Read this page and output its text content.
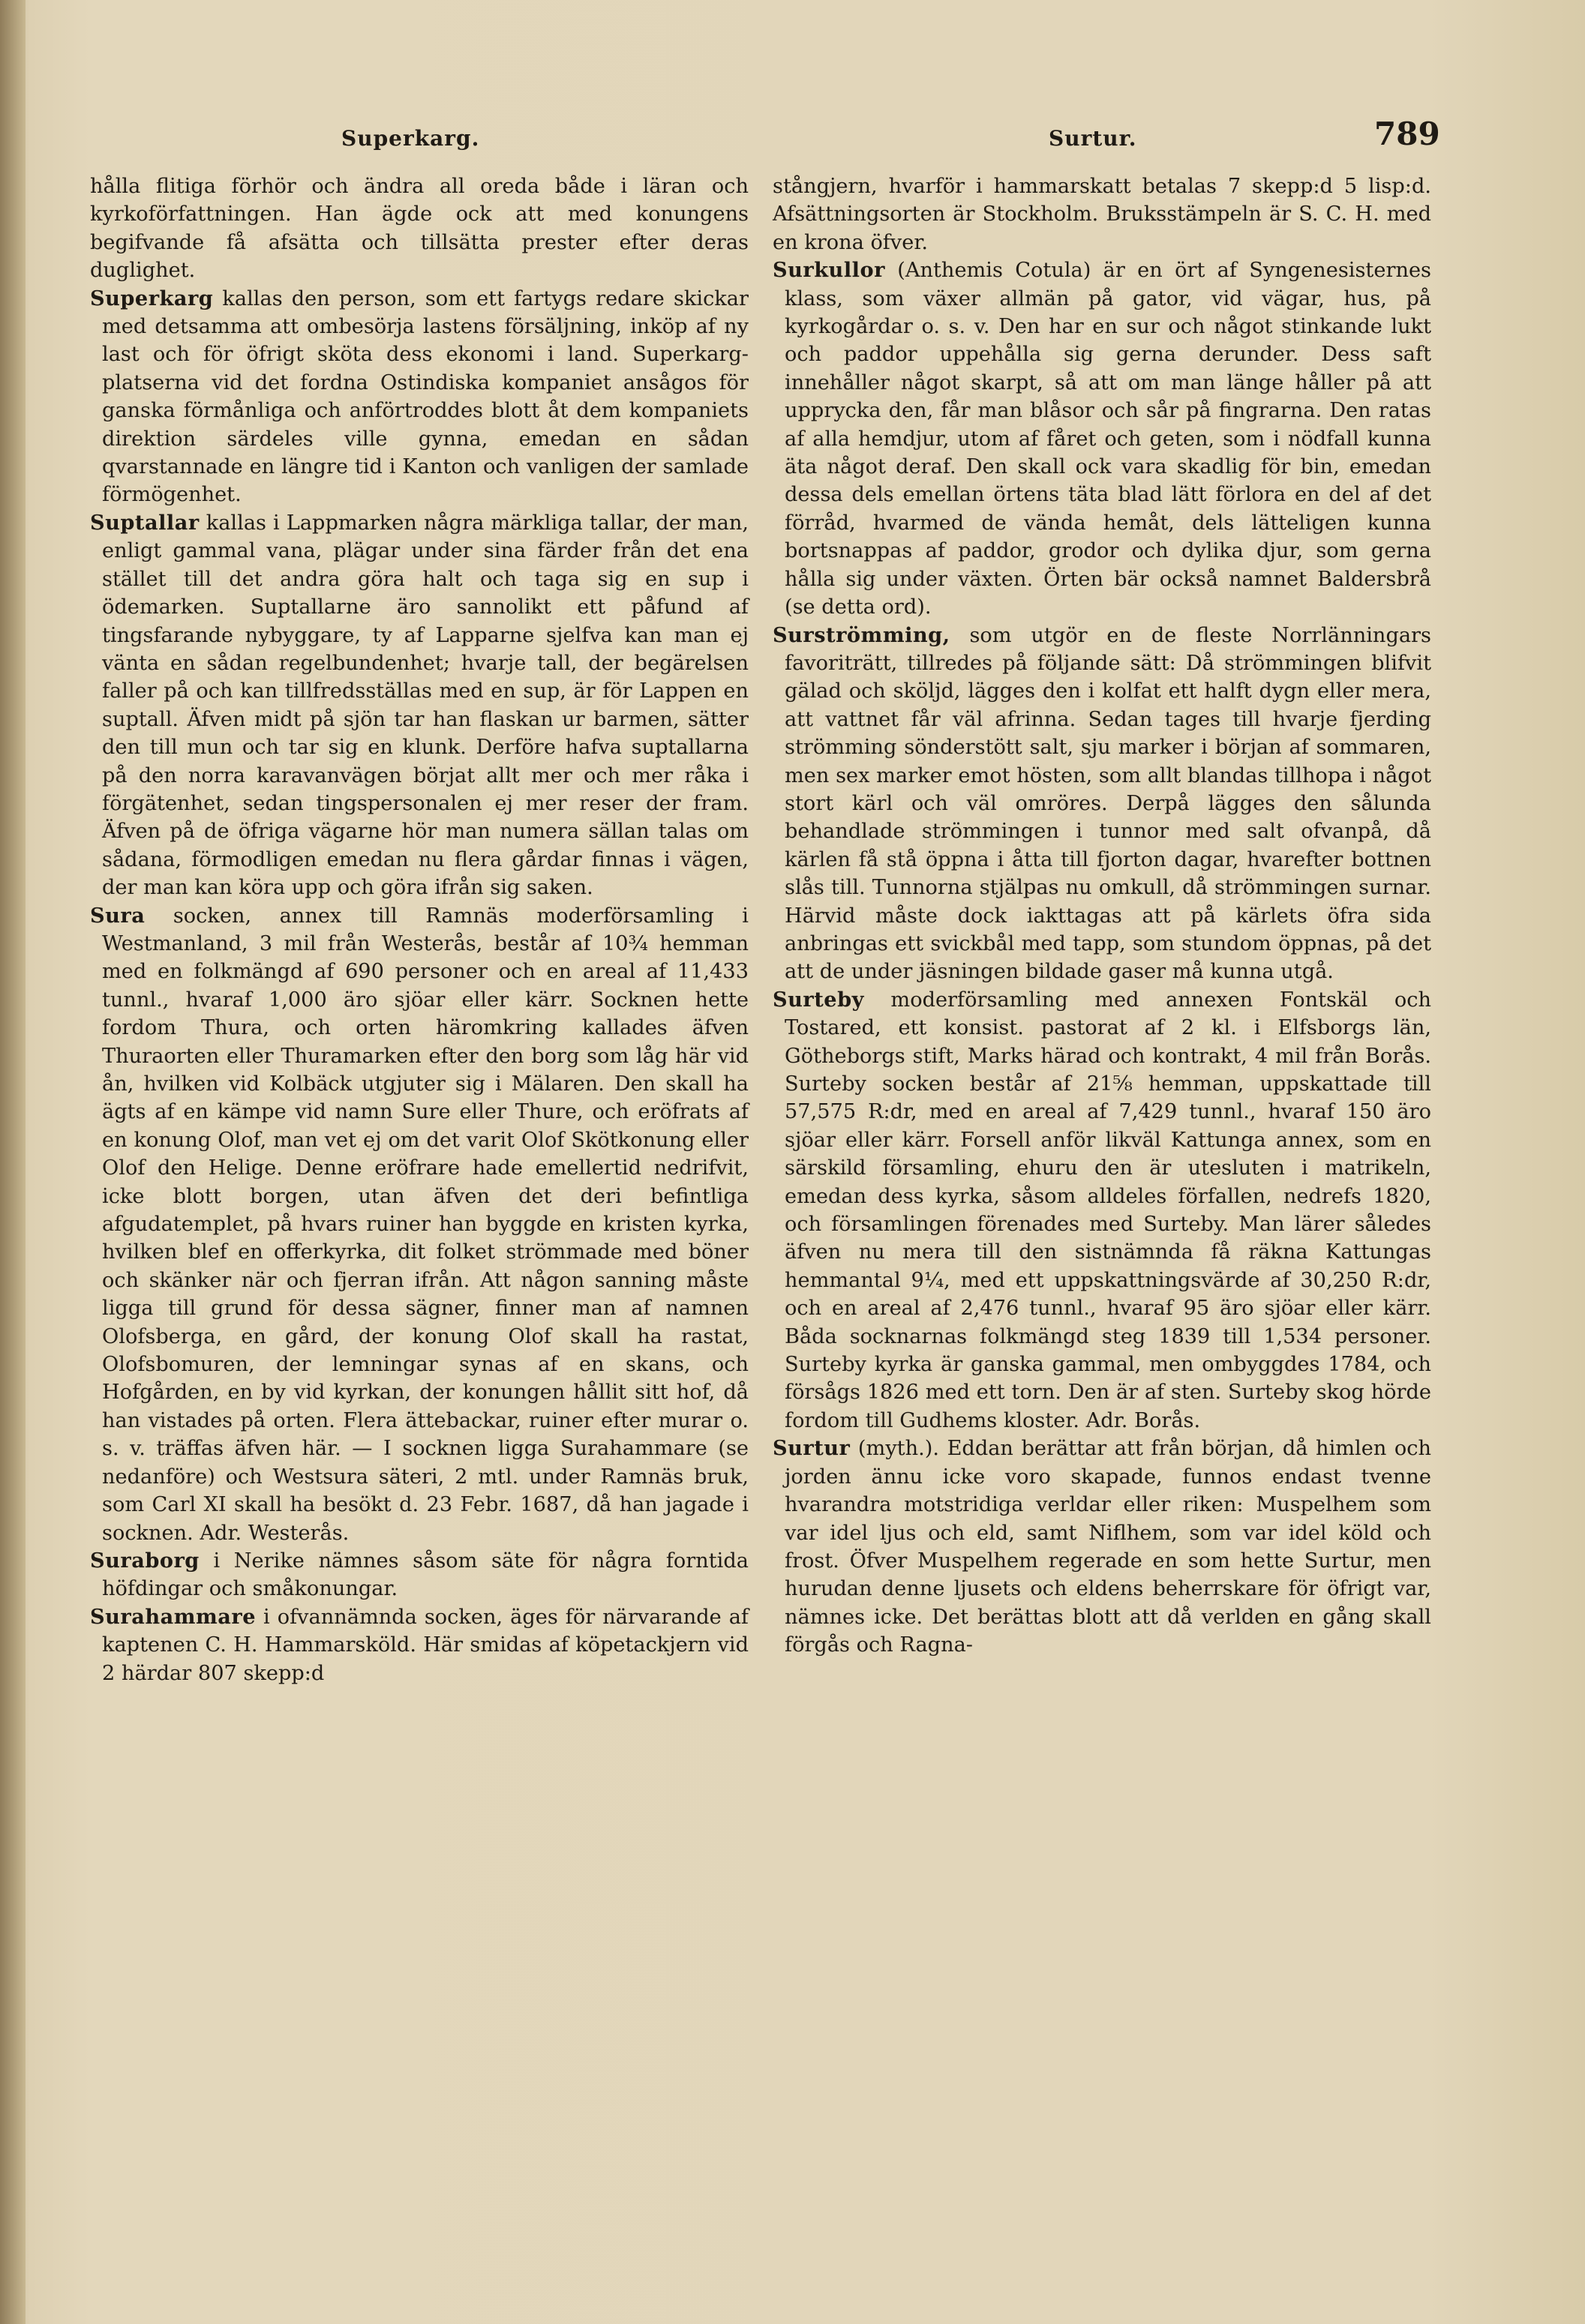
Superkarg.	Surtur.	789

hålla flitiga förhör och ändra all oreda både i läran och kyrkoförfattningen. Han ägde ock att med konungens begifvande få afsätta och tillsätta prester efter deras duglighet.

Superkarg kallas den person, som ett fartygs redare skickar med detsamma att ombesörja lastens försäljning, inköp af ny last och för öfrigt sköta dess ekonomi i land. Superkarg-platserna vid det fordna Ostindiska kompaniet ansågos för ganska förmånliga och anförtroddes blott åt dem kompaniets direktion särdeles ville gynna, emedan en sådan qvarstannade en längre tid i Kanton och vanligen der samlade förmögenhet.

Suptallar kallas i Lappmarken några märkliga tallar, der man, enligt gammal vana, plägar under sina färder från det ena stället till det andra göra halt och taga sig en sup i ödemarken. Suptallarne äro sannolikt ett påfund af tingsfarande nybyggare, ty af Lapparne sjelfva kan man ej vänta en sådan regelbundenhet; hvarje tall, der begärelsen faller på och kan tillfredsställas med en sup, är för Lappen en suptall. Äfven midt på sjön tar han flaskan ur barmen, sätter den till mun och tar sig en klunk. Derföre hafva suptallarna på den norra karavanvägen börjat allt mer och mer råka i förgätenhet, sedan tingspersonalen ej mer reser der fram. Äfven på de öfriga vägarne hör man numera sällan talas om sådana, förmodligen emedan nu flera gårdar finnas i vägen, der man kan köra upp och göra ifrån sig saken.

Sura socken, annex till Ramnäs moderförsamling i Westmanland, 3 mil från Westerås, består af 10¾ hemman med en folkmängd af 690 personer och en areal af 11,433 tunnl., hvaraf 1,000 äro sjöar eller kärr. Socknen hette fordom Thura, och orten häromkring kallades äfven Thuraorten eller Thuramarken efter den borg som låg här vid ån, hvilken vid Kolbäck utgjuter sig i Mälaren. Den skall ha ägts af en kämpe vid namn Sure eller Thure, och eröfrats af en konung Olof, man vet ej om det varit Olof Skötkonung eller Olof den Helige. Denne eröfrare hade emellertid nedrifvit, icke blott borgen, utan äfven det deri befintliga afgudatemplet, på hvars ruiner han byggde en kristen kyrka, hvilken blef en offerkyrka, dit folket strömmade med böner och skänker när och fjerran ifrån. Att någon sanning måste ligga till grund för dessa sägner, finner man af namnen Olofsberga, en gård, der konung Olof skall ha rastat, Olofsbomuren, der lemningar synas af en skans, och Hofgården, en by vid kyrkan, der konungen hållit sitt hof, då han vistades på orten. Flera ättebackar, ruiner efter murar o. s. v. träffas äfven här. — I socknen ligga Surahammare (se nedanföre) och Westsura säteri, 2 mtl. under Ramnäs bruk, som Carl XI skall ha besökt d. 23 Febr. 1687, då han jagade i socknen. Adr. Westerås.

Suraborg i Nerike nämnes såsom säte för några forntida höfdingar och småkonungar.

Surahammare i ofvannämnda socken, äges för närvarande af kaptenen C. H. Hammarsköld. Här smidas af köpetackjern vid 2 härdar 807 skepp:d

stångjern, hvarför i hammarskatt betalas 7 skepp:d 5 lisp:d. Afsättningsorten är Stockholm. Bruksstämpeln är S. C. H. med en krona öfver.

Surkullor (Anthemis Cotula) är en ört af Syngenesisternes klass, som växer allmän på gator, vid vägar, hus, på kyrkogårdar o. s. v. Den har en sur och något stinkande lukt och paddor uppehålla sig gerna derunder. Dess saft innehåller något skarpt, så att om man länge håller på att upprycka den, får man blåsor och sår på fingrarna. Den ratas af alla hemdjur, utom af fåret och geten, som i nödfall kunna äta något deraf. Den skall ock vara skadlig för bin, emedan dessa dels emellan örtens täta blad lätt förlora en del af det förråd, hvarmed de vända hemåt, dels lätteligen kunna bortsnappas af paddor, grodor och dylika djur, som gerna hålla sig under växten. Örten bär också namnet Baldersbrå (se detta ord).

Surströmming, som utgör en de fleste Norrlänningars favoriträtt, tillredes på följande sätt: Då strömmingen blifvit gälad och sköljd, lägges den i kolfat ett halft dygn eller mera, att vattnet får väl afrinna. Sedan tages till hvarje fjerding strömming sönderstött salt, sju marker i början af sommaren, men sex marker emot hösten, som allt blandas tillhopa i något stort kärl och väl omröres. Derpå lägges den sålunda behandlade strömmingen i tunnor med salt ofvanpå, då kärlen få stå öppna i åtta till fjorton dagar, hvarefter bottnen slås till. Tunnorna stjälpas nu omkull, då strömmingen surnar. Härvid måste dock iakttagas att på kärlets öfra sida anbringas ett svickbål med tapp, som stundom öppnas, på det att de under jäsningen bildade gaser må kunna utgå.

Surteby moderförsamling med annexen Fontskäl och Tostared, ett konsist. pastorat af 2 kl. i Elfsborgs län, Götheborgs stift, Marks härad och kontrakt, 4 mil från Borås. Surteby socken består af 21⅝ hemman, uppskattade till 57,575 R:dr, med en areal af 7,429 tunnl., hvaraf 150 äro sjöar eller kärr. Forsell anför likväl Kattunga annex, som en särskild församling, ehuru den är utesluten i matrikeln, emedan dess kyrka, såsom alldeles förfallen, nedrefs 1820, och församlingen förenades med Surteby. Man lärer således äfven nu mera till den sistnämnda få räkna Kattungas hemmantal 9¼, med ett uppskattningsvärde af 30,250 R:dr, och en areal af 2,476 tunnl., hvaraf 95 äro sjöar eller kärr. Båda socknarnas folkmängd steg 1839 till 1,534 personer. Surteby kyrka är ganska gammal, men ombyggdes 1784, och försågs 1826 med ett torn. Den är af sten. Surteby skog hörde fordom till Gudhems kloster. Adr. Borås.

Surtur (myth.). Eddan berättar att från början, då himlen och jorden ännu icke voro skapade, funnos endast tvenne hvarandra motstridiga verldar eller riken: Muspelhem som var idel ljus och eld, samt Niflhem, som var idel köld och frost. Öfver Muspelhem regerade en som hette Surtur, men hurudan denne ljusets och eldens beherrskare för öfrigt var, nämnes icke. Det berättas blott att då verlden en gång skall förgås och Ragna-
